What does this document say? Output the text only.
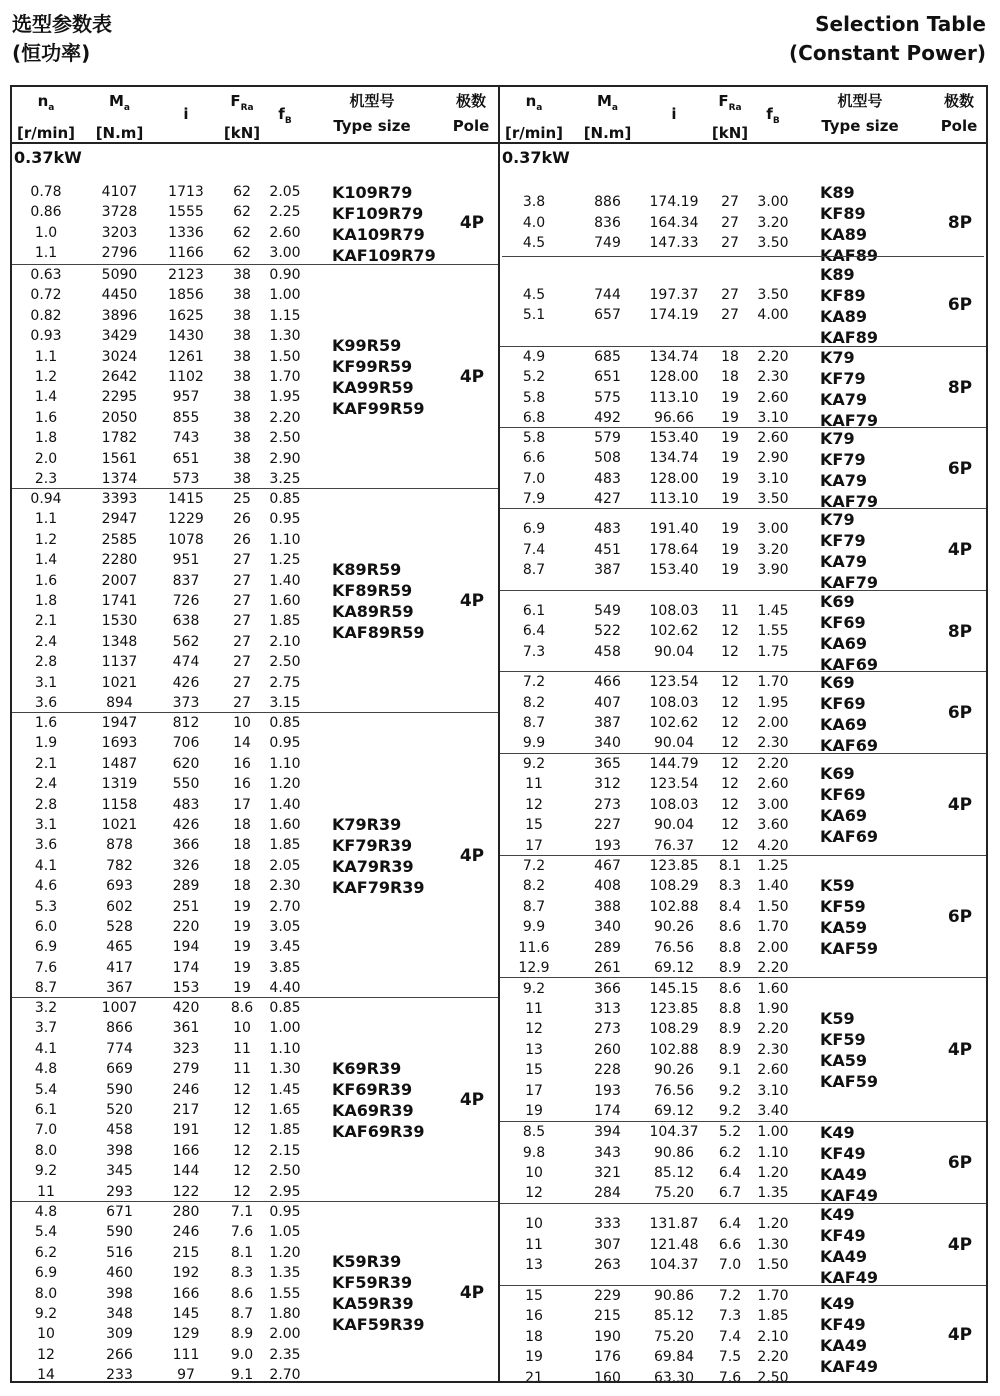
选型参数表
(恒功率)
Selection Table
(Constant Power)
$n_a$
[r/min]
$M_a$
[N.m]
i
$F_{Ra}$
[kN]
$f_B$
机型号
Type size
极数
Pole
0.37kW
0.78	4107	1713	62	2.05
0.86	3728	1555	62	2.25
1.0	3203	1336	62	2.60
1.1	2796	1166	62	3.00
K109R79
KF109R79
KA109R79
KAF109R79
4P
0.63	5090	2123	38	0.90
0.72	4450	1856	38	1.00
0.82	3896	1625	38	1.15
0.93	3429	1430	38	1.30
1.1	3024	1261	38	1.50
1.2	2642	1102	38	1.70
1.4	2295	957	38	1.95
1.6	2050	855	38	2.20
1.8	1782	743	38	2.50
2.0	1561	651	38	2.90
2.3	1374	573	38	3.25
K99R59
KF99R59
KA99R59
KAF99R59
4P
0.94	3393	1415	25	0.85
1.1	2947	1229	26	0.95
1.2	2585	1078	26	1.10
1.4	2280	951	27	1.25
1.6	2007	837	27	1.40
1.8	1741	726	27	1.60
2.1	1530	638	27	1.85
2.4	1348	562	27	2.10
2.8	1137	474	27	2.50
3.1	1021	426	27	2.75
3.6	894	373	27	3.15
K89R59
KF89R59
KA89R59
KAF89R59
4P
1.6	1947	812	10	0.85
1.9	1693	706	14	0.95
2.1	1487	620	16	1.10
2.4	1319	550	16	1.20
2.8	1158	483	17	1.40
3.1	1021	426	18	1.60
3.6	878	366	18	1.85
4.1	782	326	18	2.05
4.6	693	289	18	2.30
5.3	602	251	19	2.70
6.0	528	220	19	3.05
6.9	465	194	19	3.45
7.6	417	174	19	3.85
8.7	367	153	19	4.40
K79R39
KF79R39
KA79R39
KAF79R39
4P
3.2	1007	420	8.6	0.85
3.7	866	361	10	1.00
4.1	774	323	11	1.10
4.8	669	279	11	1.30
5.4	590	246	12	1.45
6.1	520	217	12	1.65
7.0	458	191	12	1.85
8.0	398	166	12	2.15
9.2	345	144	12	2.50
11	293	122	12	2.95
K69R39
KF69R39
KA69R39
KAF69R39
4P
4.8	671	280	7.1	0.95
5.4	590	246	7.6	1.05
6.2	516	215	8.1	1.20
6.9	460	192	8.3	1.35
8.0	398	166	8.6	1.55
9.2	348	145	8.7	1.80
10	309	129	8.9	2.00
12	266	111	9.0	2.35
14	233	97	9.1	2.70
K59R39
KF59R39
KA59R39
KAF59R39
4P
$n_a$
[r/min]
$M_a$
[N.m]
i
$F_{Ra}$
[kN]
$f_B$
机型号
Type size
极数
Pole
0.37kW
3.8	886	174.19	27	3.00
4.0	836	164.34	27	3.20
4.5	749	147.33	27	3.50
K89
KF89
KA89
KAF89
8P
4.5	744	197.37	27	3.50
5.1	657	174.19	27	4.00
K89
KF89
KA89
KAF89
6P
4.9	685	134.74	18	2.20
5.2	651	128.00	18	2.30
5.8	575	113.10	19	2.60
6.8	492	96.66	19	3.10
K79
KF79
KA79
KAF79
8P
5.8	579	153.40	19	2.60
6.6	508	134.74	19	2.90
7.0	483	128.00	19	3.10
7.9	427	113.10	19	3.50
K79
KF79
KA79
KAF79
6P
6.9	483	191.40	19	3.00
7.4	451	178.64	19	3.20
8.7	387	153.40	19	3.90
K79
KF79
KA79
KAF79
4P
6.1	549	108.03	11	1.45
6.4	522	102.62	12	1.55
7.3	458	90.04	12	1.75
K69
KF69
KA69
KAF69
8P
7.2	466	123.54	12	1.70
8.2	407	108.03	12	1.95
8.7	387	102.62	12	2.00
9.9	340	90.04	12	2.30
K69
KF69
KA69
KAF69
6P
9.2	365	144.79	12	2.20
11	312	123.54	12	2.60
12	273	108.03	12	3.00
15	227	90.04	12	3.60
17	193	76.37	12	4.20
K69
KF69
KA69
KAF69
4P
7.2	467	123.85	8.1	1.25
8.2	408	108.29	8.3	1.40
8.7	388	102.88	8.4	1.50
9.9	340	90.26	8.6	1.70
11.6	289	76.56	8.8	2.00
12.9	261	69.12	8.9	2.20
K59
KF59
KA59
KAF59
6P
9.2	366	145.15	8.6	1.60
11	313	123.85	8.8	1.90
12	273	108.29	8.9	2.20
13	260	102.88	8.9	2.30
15	228	90.26	9.1	2.60
17	193	76.56	9.2	3.10
19	174	69.12	9.2	3.40
K59
KF59
KA59
KAF59
4P
8.5	394	104.37	5.2	1.00
9.8	343	90.86	6.2	1.10
10	321	85.12	6.4	1.20
12	284	75.20	6.7	1.35
K49
KF49
KA49
KAF49
6P
10	333	131.87	6.4	1.20
11	307	121.48	6.6	1.30
13	263	104.37	7.0	1.50
K49
KF49
KA49
KAF49
4P
15	229	90.86	7.2	1.70
16	215	85.12	7.3	1.85
18	190	75.20	7.4	2.10
19	176	69.84	7.5	2.20
21	160	63.30	7.6	2.50
K49
KF49
KA49
KAF49
4P
